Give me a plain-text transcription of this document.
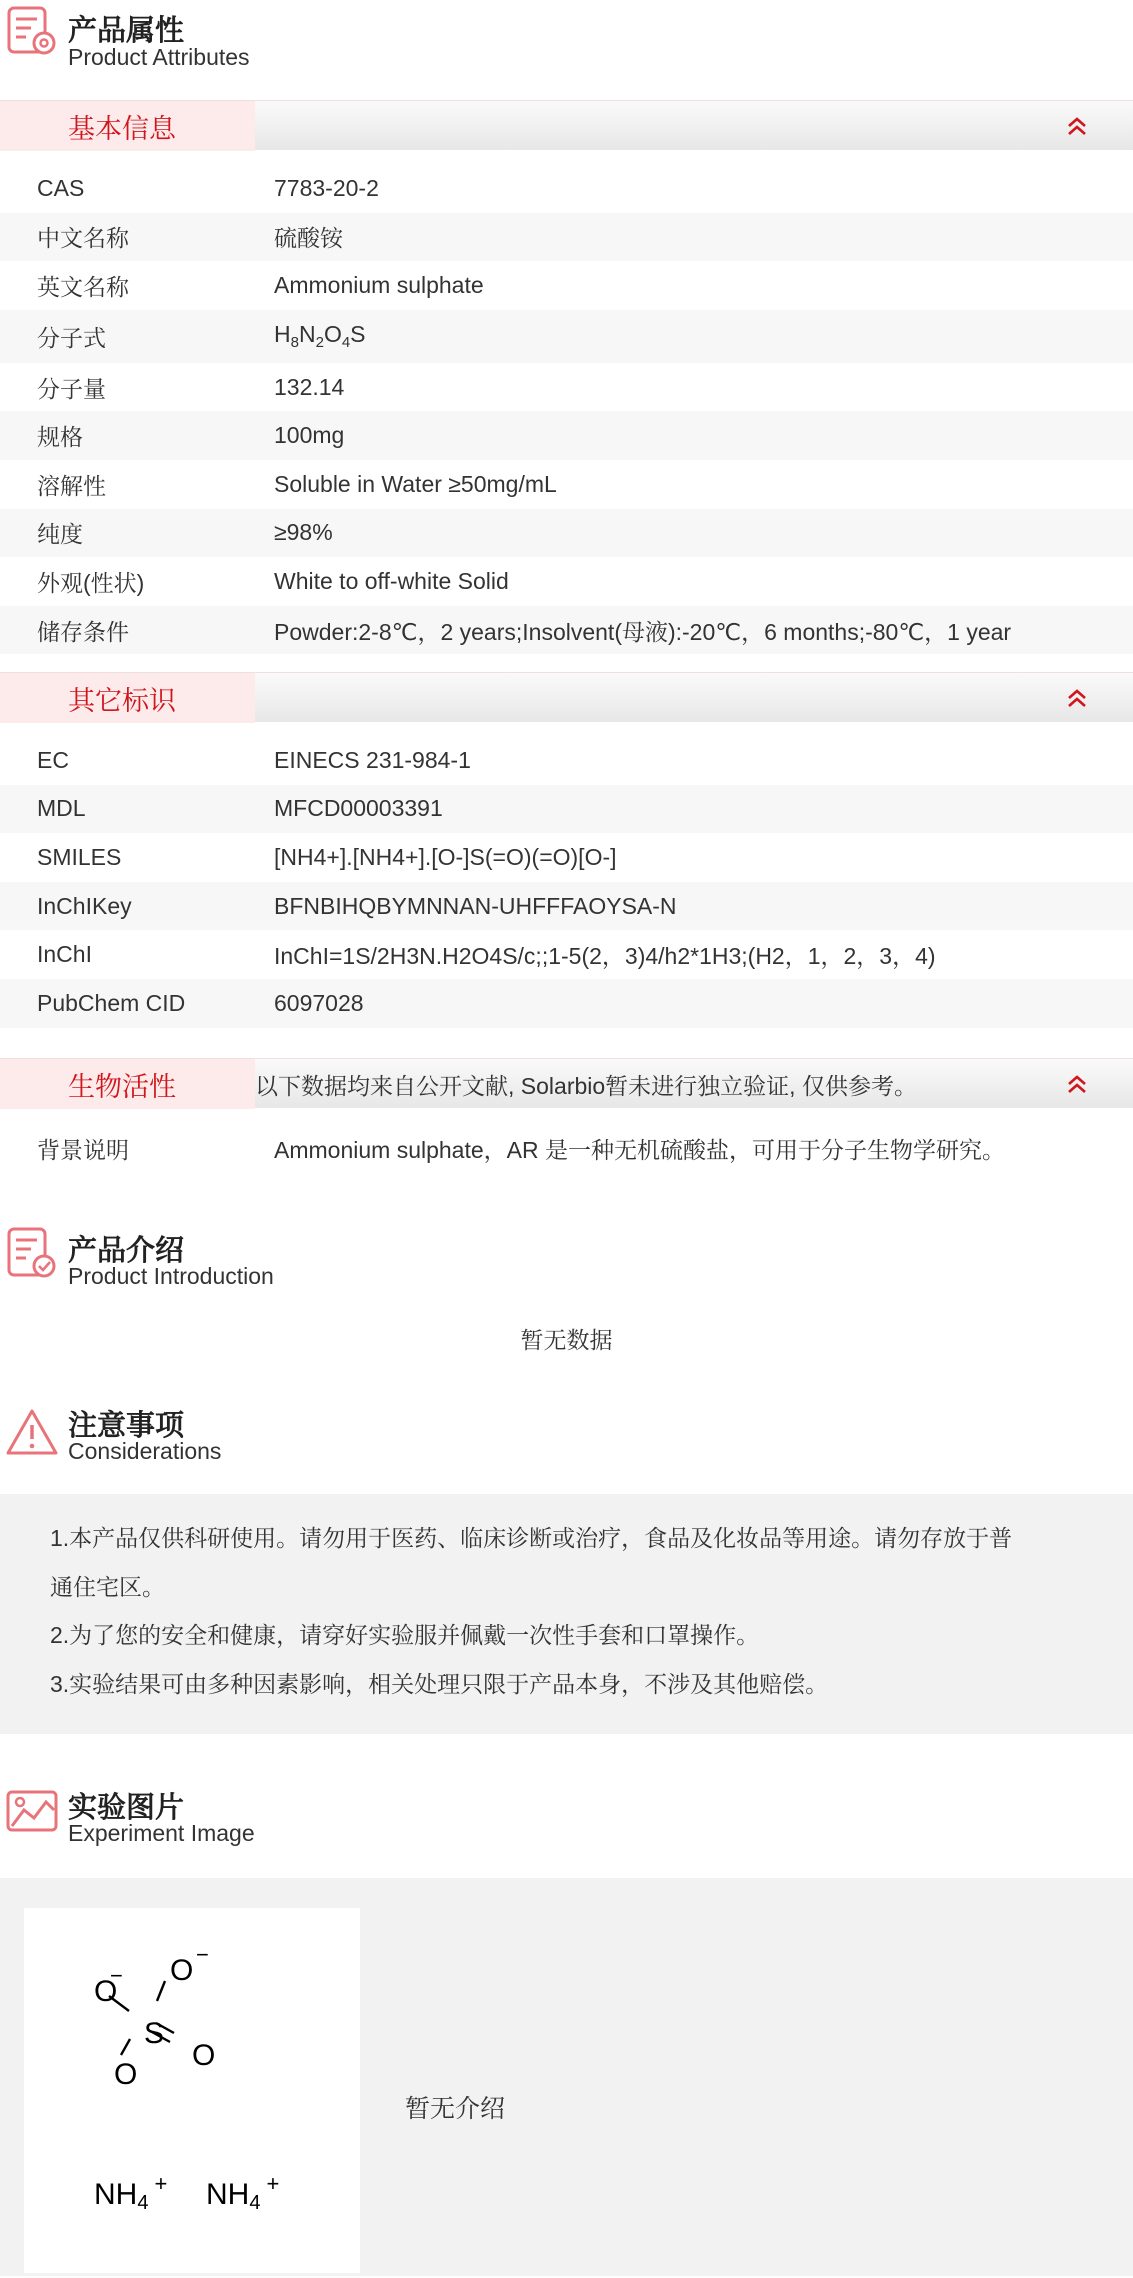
产品属性
Product Attributes
基本信息
CAS	7783-20-2
中文名称	硫酸铵
英文名称	Ammonium sulphate
分子式	$H_8N_2O_4S$
分子量	132.14
规格	100mg
溶解性	Soluble in Water ≥50mg/mL
纯度	≥98%
外观(性状)	White to off-white Solid
储存条件	Powder:2-8℃，2 years;Insolvent(母液):-20℃，6 months;-80℃，1 year
其它标识
EC	EINECS 231-984-1
MDL	MFCD00003391
SMILES	[NH4+].[NH4+].[O-]S(=O)(=O)[O-]
InChIKey	BFNBIHQBYMNNAN-UHFFFAOYSA-N
InChI	InChI=1S/2H3N.H2O4S/c;;1-5(2，3)4/h2*1H3;(H2，1，2，3，4)
PubChem CID	6097028
生物活性	以下数据均来自公开文献, Solarbio暂未进行独立验证, 仅供参考。
背景说明	Ammonium sulphate，AR 是一种无机硫酸盐，可用于分子生物学研究。
产品介绍
Product Introduction
暂无数据
注意事项
Considerations

1.本产品仅供科研使用。请勿用于医药、临床诊断或治疗，食品及化妆品等用途。请勿存放于普

通住宅区。

2.为了您的安全和健康，请穿好实验服并佩戴一次性手套和口罩操作。

3.实验结果可由多种因素影响，相关处理只限于产品本身，不涉及其他赔偿。

实验图片
Experiment Image
O
− O −
S
O
O
NH4+ NH4+
暂无介绍
